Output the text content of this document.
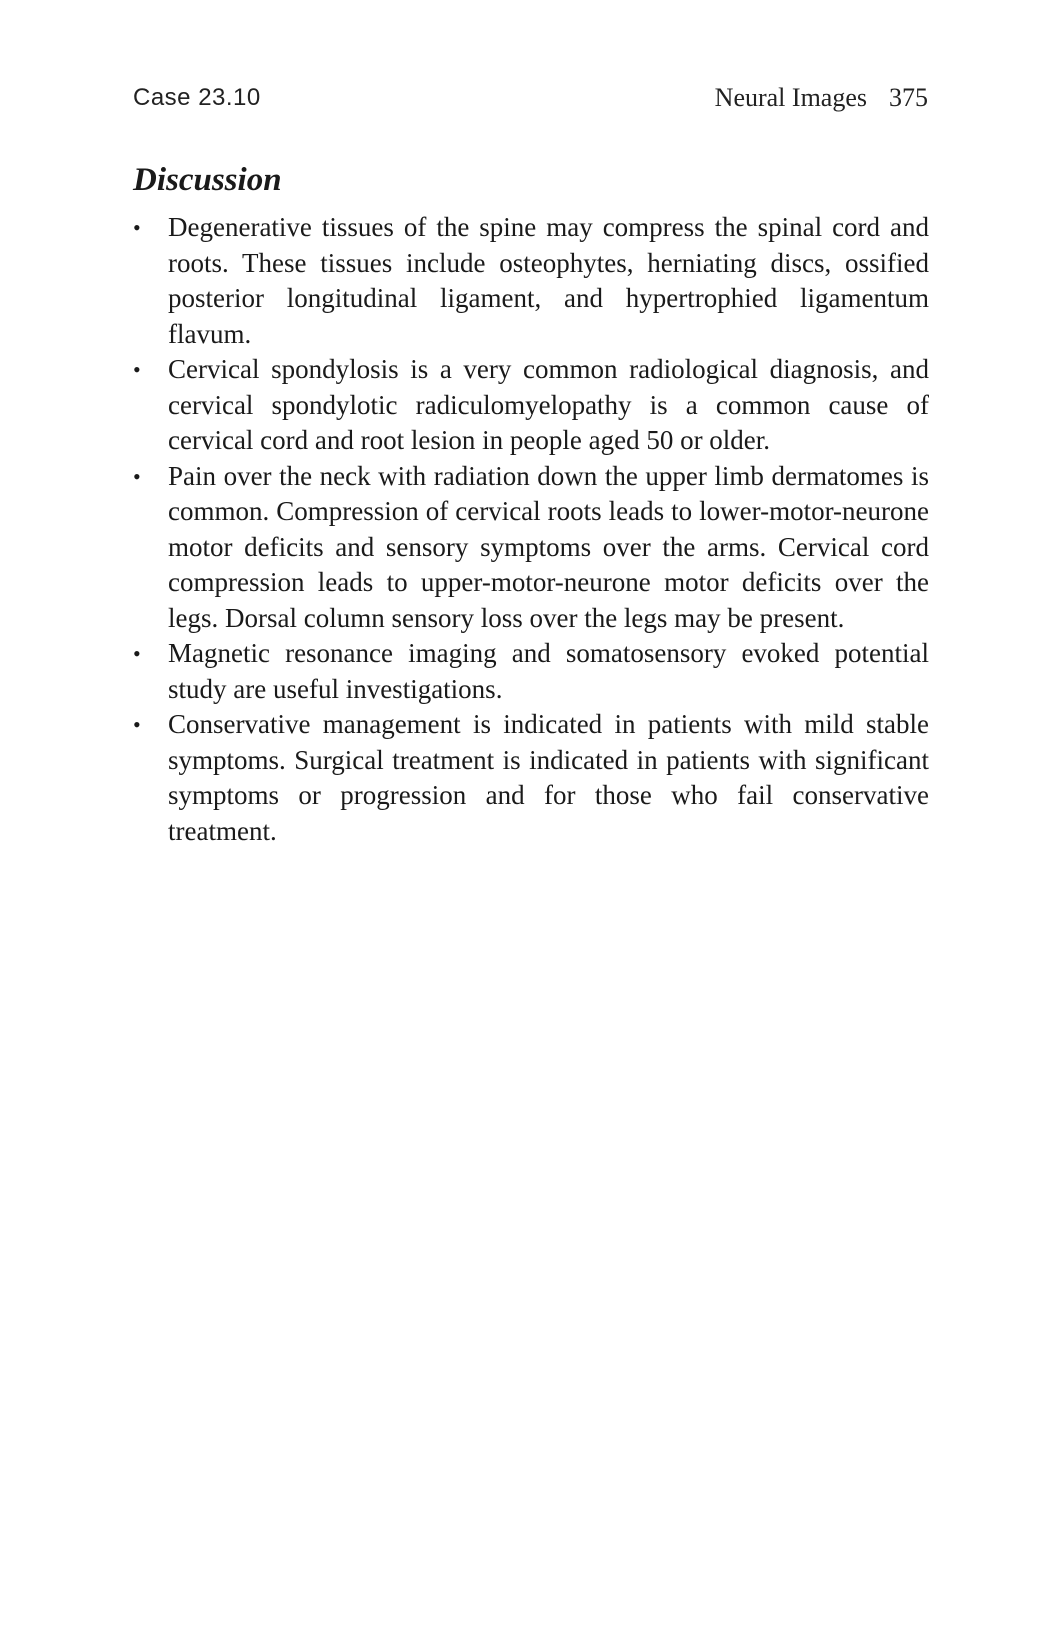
Case 23.10	Neural Images 375
Discussion
• Degenerative tissues of the spine may compress the spinal cord and roots. These tissues include osteophytes, herniating discs, ossified posterior longitudinal ligament, and hypertrophied ligamentum flavum.
• Cervical spondylosis is a very common radiological diagnosis, and cervical spondylotic radiculomyelopathy is a common cause of cervical cord and root lesion in people aged 50 or older.
• Pain over the neck with radiation down the upper limb dermatomes is common. Compression of cervical roots leads to lower-motor-neurone motor deficits and sensory symptoms over the arms. Cervical cord compression leads to upper-motor-neurone motor deficits over the legs. Dorsal column sensory loss over the legs may be present.
• Magnetic resonance imaging and somatosensory evoked potential study are useful investigations.
• Conservative management is indicated in patients with mild stable symptoms. Surgical treatment is indicated in patients with significant symptoms or progression and for those who fail conservative treatment.
